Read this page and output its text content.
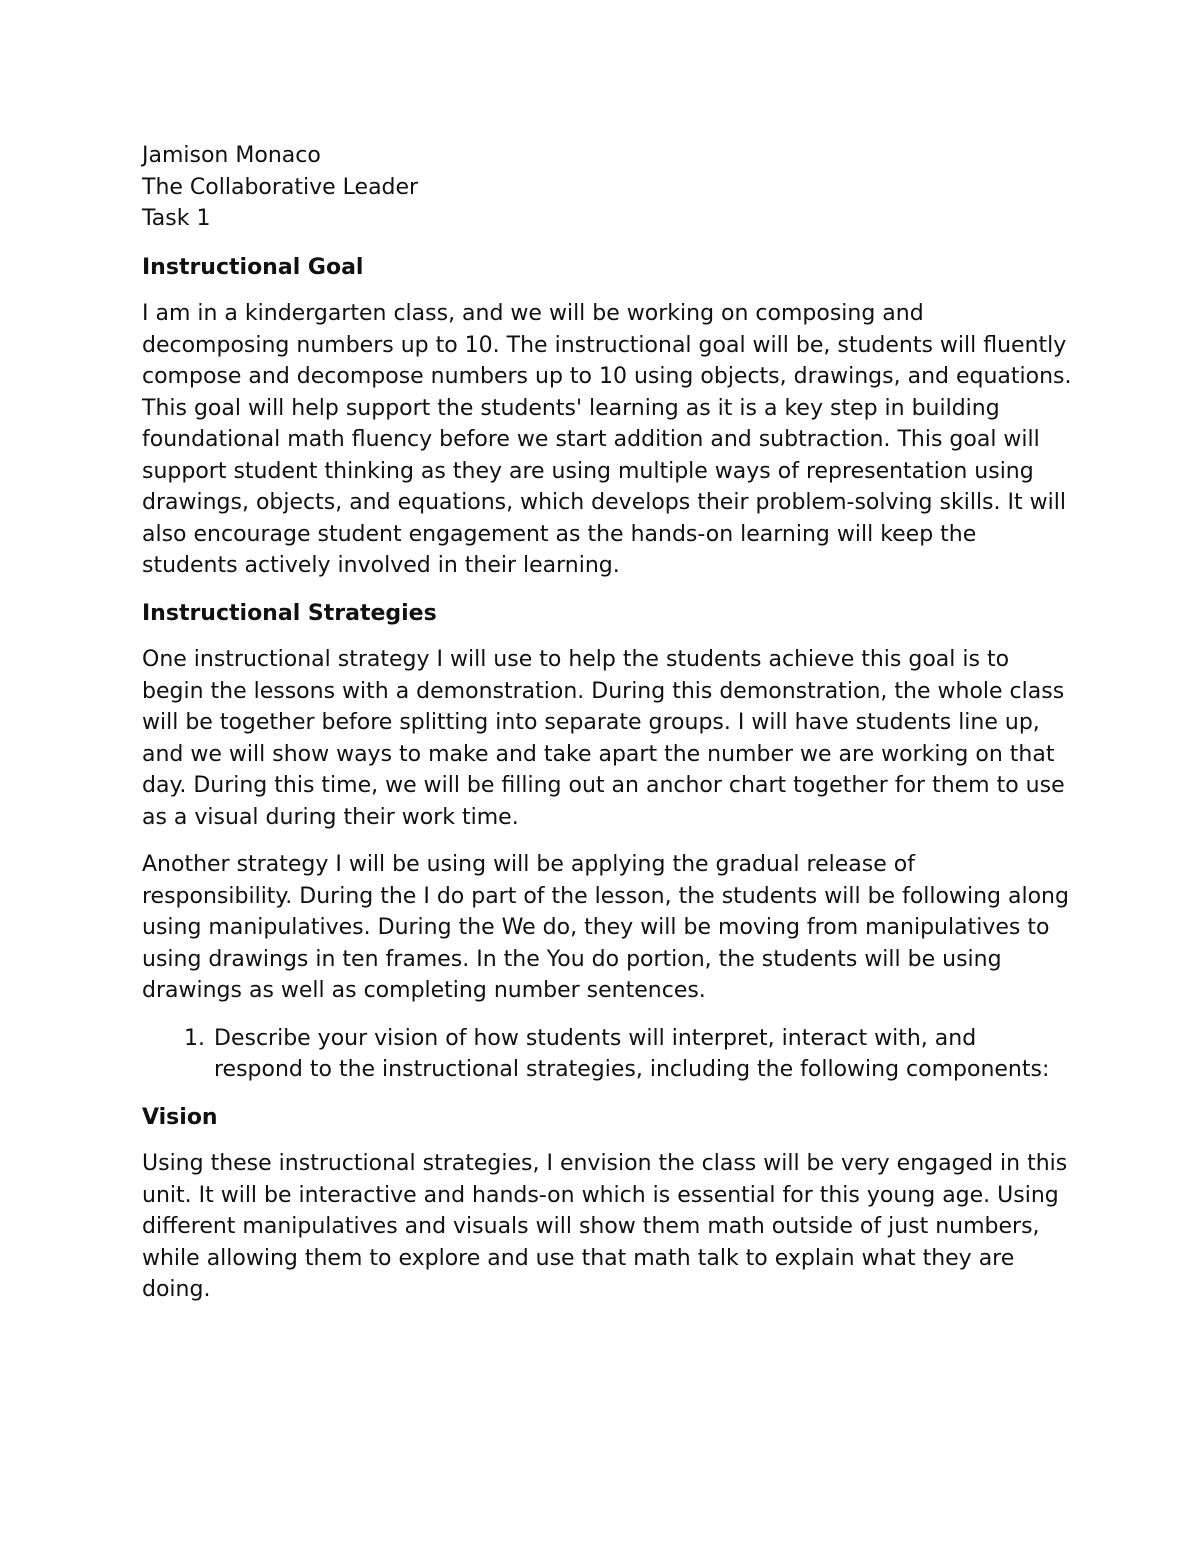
Jamison Monaco
The Collaborative Leader
Task 1
Instructional Goal

I am in a kindergarten class, and we will be working on composing and decomposing numbers up to 10. The instructional goal will be, students will fluently compose and decompose numbers up to 10 using objects, drawings, and equations. This goal will help support the students' learning as it is a key step in building foundational math fluency before we start addition and subtraction. This goal will support student thinking as they are using multiple ways of representation using drawings, objects, and equations, which develops their problem-solving skills. It will also encourage student engagement as the hands-on learning will keep the students actively involved in their learning.

Instructional Strategies

One instructional strategy I will use to help the students achieve this goal is to begin the lessons with a demonstration. During this demonstration, the whole class will be together before splitting into separate groups. I will have students line up, and we will show ways to make and take apart the number we are working on that day. During this time, we will be filling out an anchor chart together for them to use as a visual during their work time.

Another strategy I will be using will be applying the gradual release of responsibility. During the I do part of the lesson, the students will be following along using manipulatives. During the We do, they will be moving from manipulatives to using drawings in ten frames. In the You do portion, the students will be using drawings as well as completing number sentences.

1. Describe your vision of how students will interpret, interact with, and respond to the instructional strategies, including the following components:
Vision

Using these instructional strategies, I envision the class will be very engaged in this unit. It will be interactive and hands-on which is essential for this young age. Using different manipulatives and visuals will show them math outside of just numbers, while allowing them to explore and use that math talk to explain what they are doing.
